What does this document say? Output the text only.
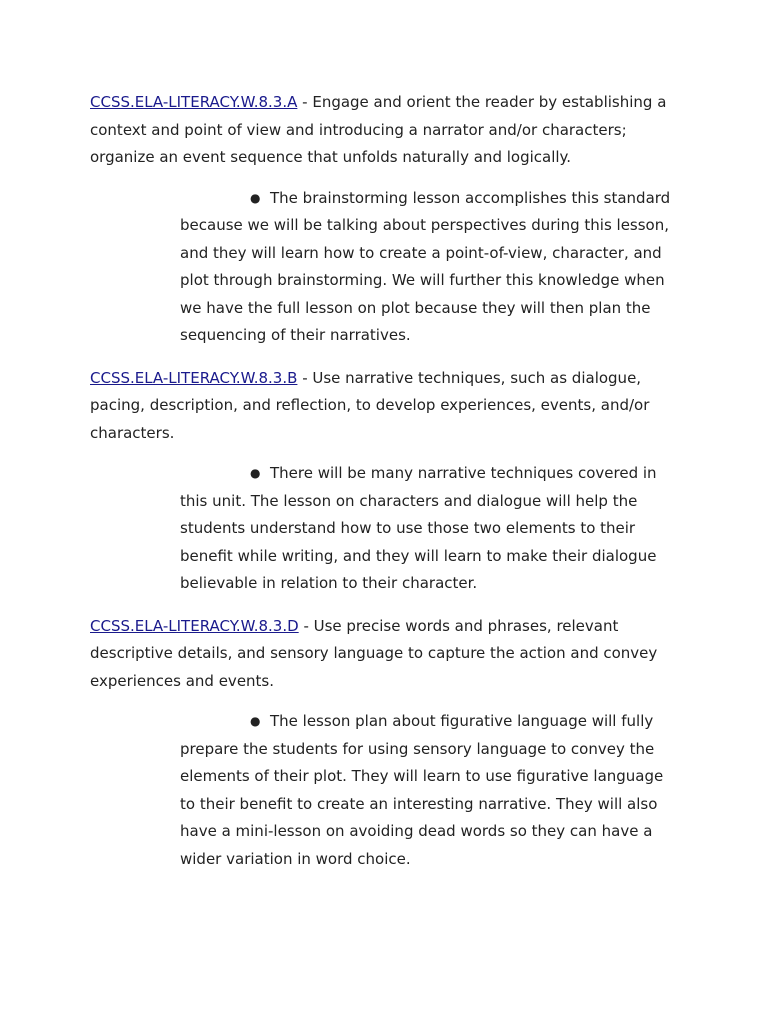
CCSS.ELA-LITERACY.W.8.3.A - Engage and orient the reader by establishing a context and point of view and introducing a narrator and/or characters; organize an event sequence that unfolds naturally and logically.

● The brainstorming lesson accomplishes this standard because we will be talking about perspectives during this lesson, and they will learn how to create a point-of-view, character, and plot through brainstorming. We will further this knowledge when we have the full lesson on plot because they will then plan the sequencing of their narratives.

CCSS.ELA-LITERACY.W.8.3.B - Use narrative techniques, such as dialogue, pacing, description, and reflection, to develop experiences, events, and/or characters.

● There will be many narrative techniques covered in this unit. The lesson on characters and dialogue will help the students understand how to use those two elements to their benefit while writing, and they will learn to make their dialogue believable in relation to their character.

CCSS.ELA-LITERACY.W.8.3.D - Use precise words and phrases, relevant descriptive details, and sensory language to capture the action and convey experiences and events.

● The lesson plan about figurative language will fully prepare the students for using sensory language to convey the elements of their plot. They will learn to use figurative language to their benefit to create an interesting narrative. They will also have a mini-lesson on avoiding dead words so they can have a wider variation in word choice.
